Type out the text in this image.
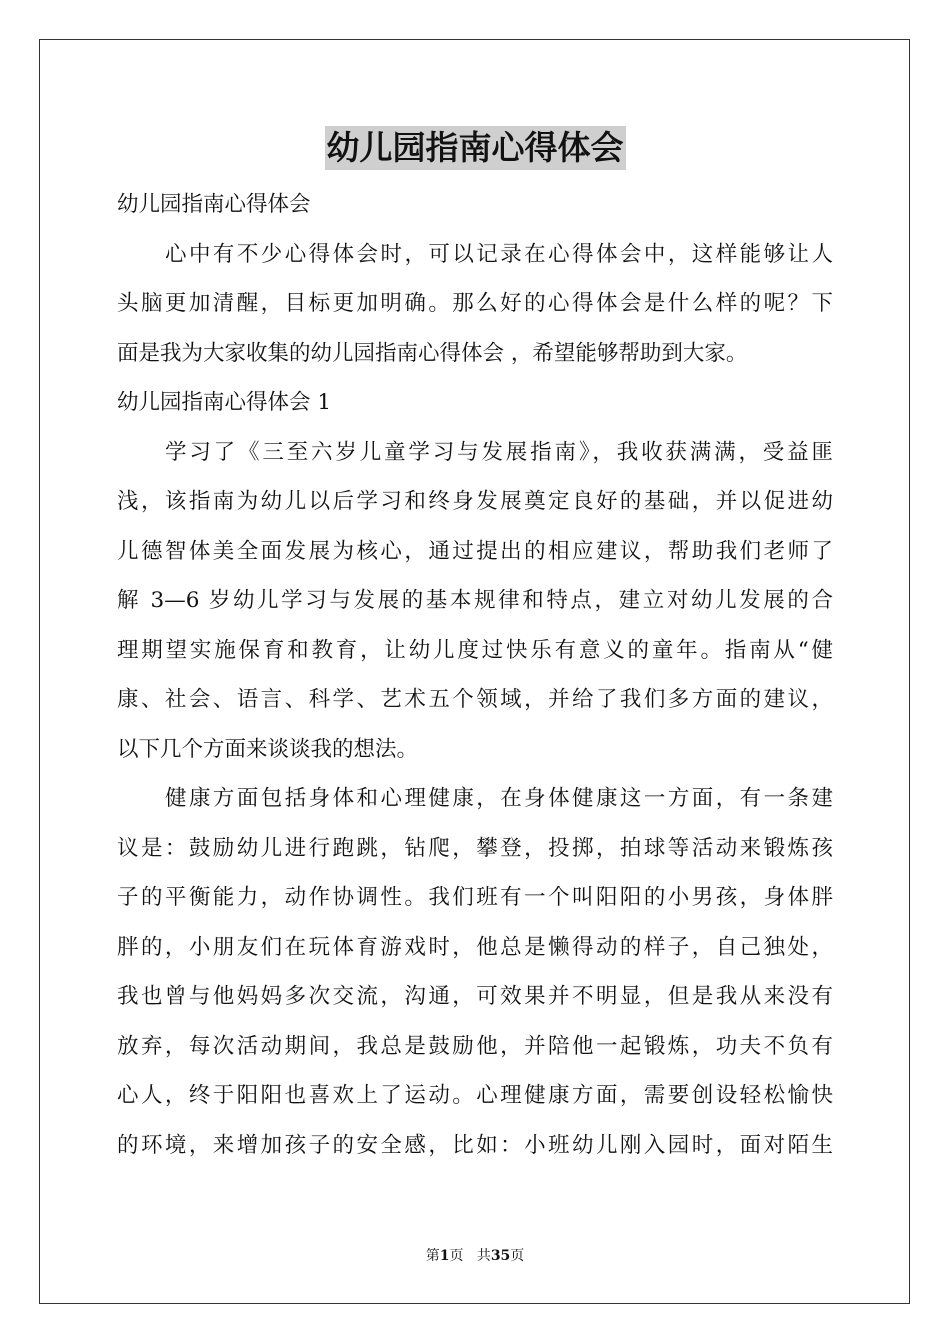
幼儿园指南心得体会
幼儿园指南心得体会
心中有不少心得体会时，可以记录在心得体会中，这样能够让人
头脑更加清醒，目标更加明确。那么好的心得体会是什么样的呢？下
面是我为大家收集的幼儿园指南心得体会 ，希望能够帮助到大家。
幼儿园指南心得体会 1
学习了《三至六岁儿童学习与发展指南》，我收获满满，受益匪
浅，该指南为幼儿以后学习和终身发展奠定良好的基础，并以促进幼
儿德智体美全面发展为核心，通过提出的相应建议，帮助我们老师了
解 3—6 岁幼儿学习与发展的基本规律和特点，建立对幼儿发展的合
理期望实施保育和教育，让幼儿度过快乐有意义的童年。指南从“健
康、社会、语言、科学、艺术五个领域，并给了我们多方面的建议，
以下几个方面来谈谈我的想法。
健康方面包括身体和心理健康，在身体健康这一方面，有一条建
议是：鼓励幼儿进行跑跳，钻爬，攀登，投掷，拍球等活动来锻炼孩
子的平衡能力，动作协调性。我们班有一个叫阳阳的小男孩，身体胖
胖的，小朋友们在玩体育游戏时，他总是懒得动的样子，自己独处，
我也曾与他妈妈多次交流，沟通，可效果并不明显，但是我从来没有
放弃，每次活动期间，我总是鼓励他，并陪他一起锻炼，功夫不负有
心人，终于阳阳也喜欢上了运动。心理健康方面，需要创设轻松愉快
的环境，来增加孩子的安全感，比如：小班幼儿刚入园时，面对陌生
第1页 共35页
